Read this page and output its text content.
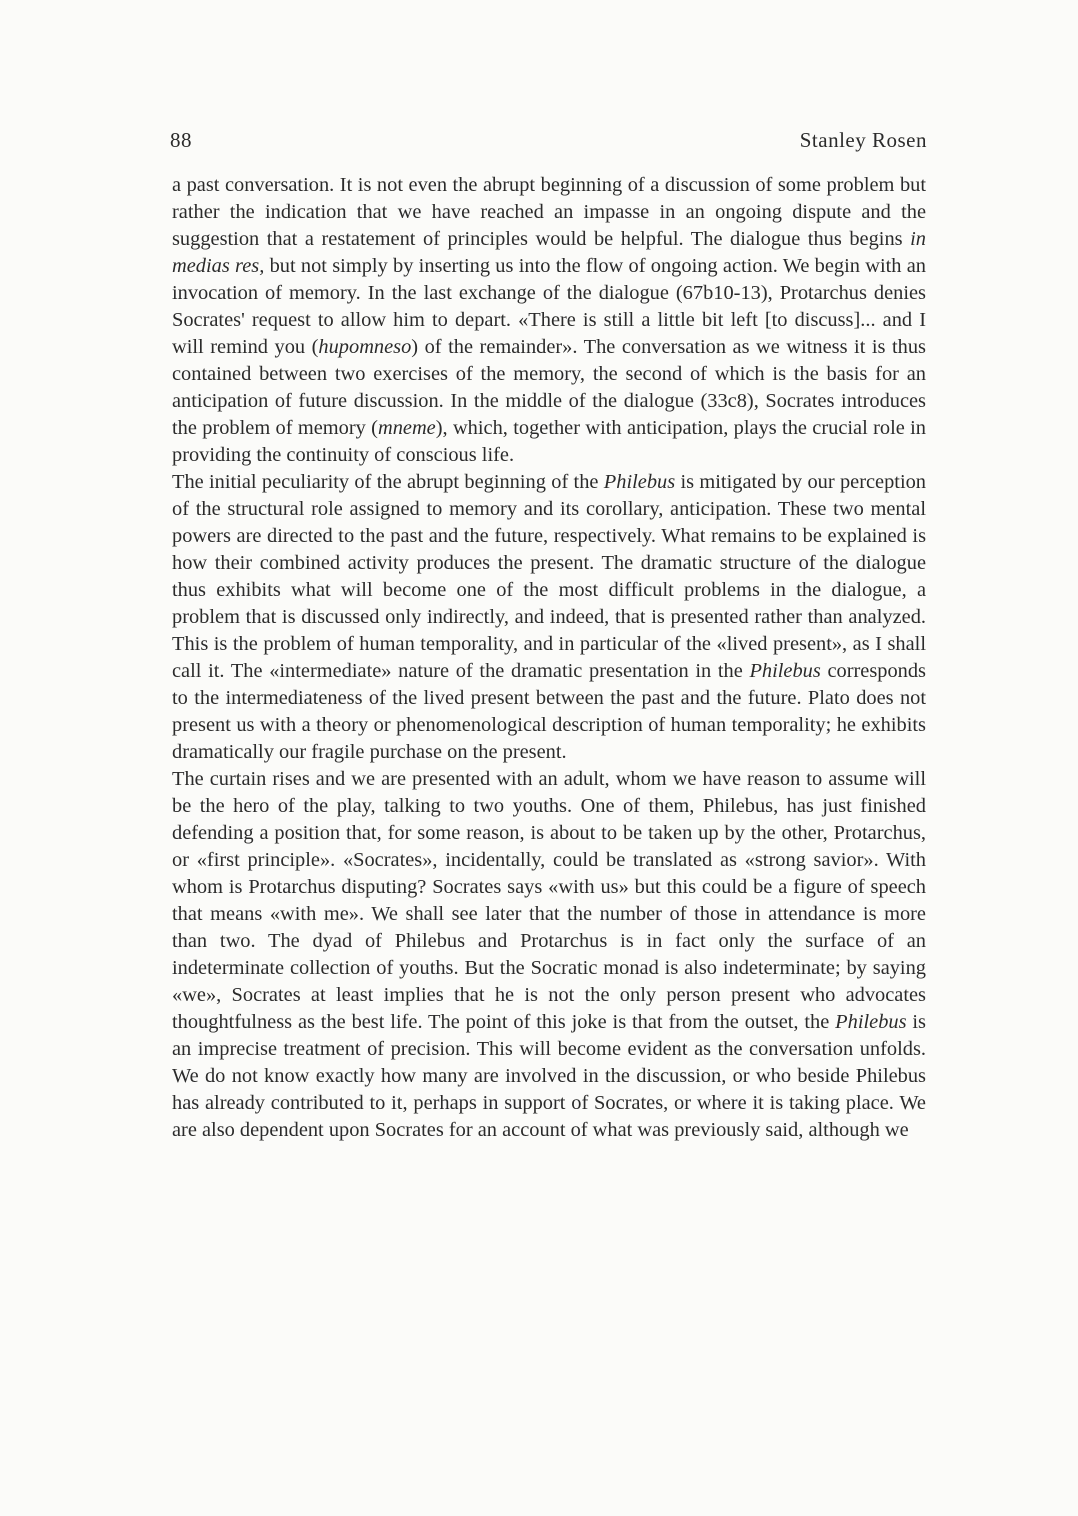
88	Stanley Rosen

a past conversation. It is not even the abrupt beginning of a discussion of some problem but rather the indication that we have reached an impasse in an ongoing dispute and the suggestion that a restatement of principles would be helpful. The dialogue thus begins in medias res, but not simply by inserting us into the flow of ongoing action. We begin with an invocation of memory. In the last exchange of the dialogue (67b10-13), Protarchus denies Socrates' request to allow him to depart. «There is still a little bit left [to discuss]... and I will remind you (hupomneso) of the remainder». The conversation as we witness it is thus contained between two exercises of the memory, the second of which is the basis for an anticipation of future discussion. In the middle of the dialogue (33c8), Socrates introduces the problem of memory (mneme), which, together with anticipation, plays the crucial role in providing the continuity of conscious life.

The initial peculiarity of the abrupt beginning of the Philebus is mitigated by our perception of the structural role assigned to memory and its corollary, anticipation. These two mental powers are directed to the past and the future, respectively. What remains to be explained is how their combined activity produces the present. The dramatic structure of the dialogue thus exhibits what will become one of the most difficult problems in the dialogue, a problem that is discussed only indirectly, and indeed, that is presented rather than analyzed. This is the problem of human temporality, and in particular of the «lived present», as I shall call it. The «intermediate» nature of the dramatic presentation in the Philebus corresponds to the intermediateness of the lived present between the past and the future. Plato does not present us with a theory or phenomenological description of human temporality; he exhibits dramatically our fragile purchase on the present.

The curtain rises and we are presented with an adult, whom we have reason to assume will be the hero of the play, talking to two youths. One of them, Philebus, has just finished defending a position that, for some reason, is about to be taken up by the other, Protarchus, or «first principle». «Socrates», incidentally, could be translated as «strong savior». With whom is Protarchus disputing? Socrates says «with us» but this could be a figure of speech that means «with me». We shall see later that the number of those in attendance is more than two. The dyad of Philebus and Protarchus is in fact only the surface of an indeterminate collection of youths. But the Socratic monad is also indeterminate; by saying «we», Socrates at least implies that he is not the only person present who advocates thoughtfulness as the best life. The point of this joke is that from the outset, the Philebus is an imprecise treatment of precision. This will become evident as the conversation unfolds. We do not know exactly how many are involved in the discussion, or who beside Philebus has already contributed to it, perhaps in support of Socrates, or where it is taking place. We are also dependent upon Socrates for an account of what was previously said, although we
